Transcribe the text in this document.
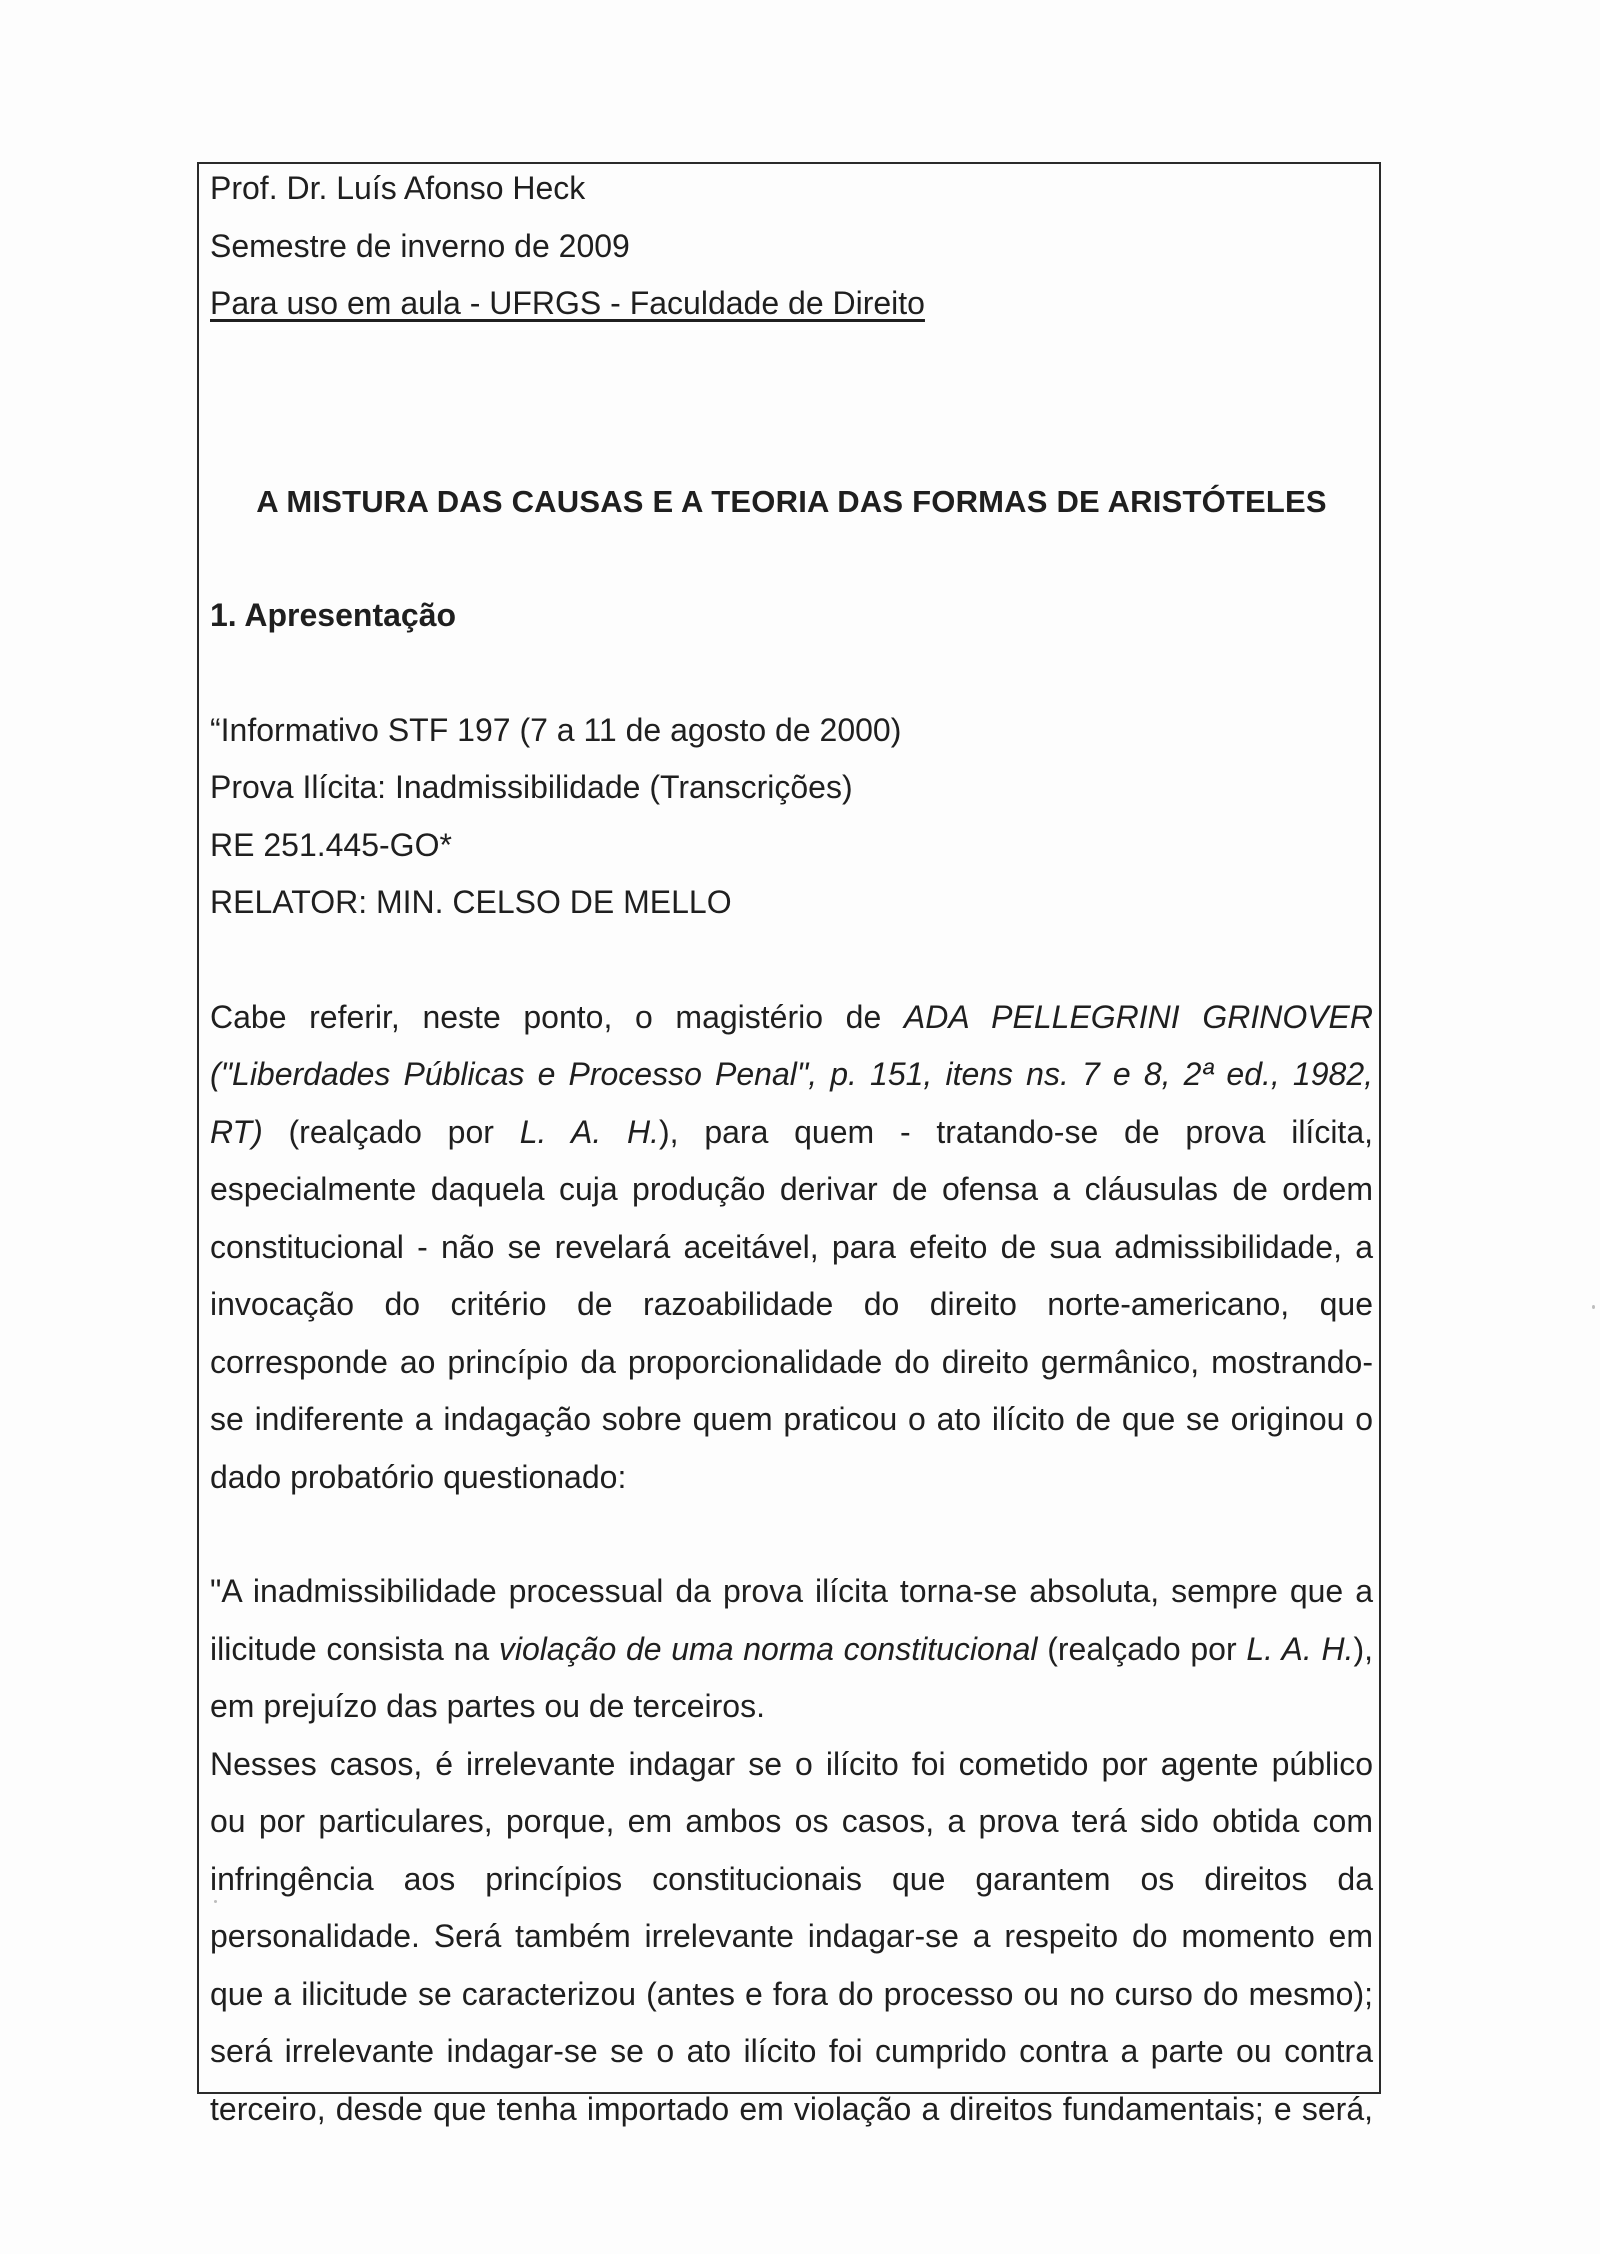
Prof. Dr. Luís Afonso Heck
Semestre de inverno de 2009
Para uso em aula - UFRGS - Faculdade de Direito
A MISTURA DAS CAUSAS E A TEORIA DAS FORMAS DE ARISTÓTELES
1. Apresentação
“Informativo STF 197 (7 a 11 de agosto de 2000)
Prova Ilícita: Inadmissibilidade (Transcrições)
RE 251.445-GO*
RELATOR: MIN. CELSO DE MELLO
Cabe referir, neste ponto, o magistério de ADA PELLEGRINI GRINOVER
("Liberdades Públicas e Processo Penal", p. 151, itens ns. 7 e 8, 2ª ed., 1982,
RT) (realçado por L. A. H.), para quem - tratando-se de prova ilícita,
especialmente daquela cuja produção derivar de ofensa a cláusulas de ordem
constitucional - não se revelará aceitável, para efeito de sua admissibilidade, a
invocação do critério de razoabilidade do direito norte-americano, que
corresponde ao princípio da proporcionalidade do direito germânico, mostrando-
se indiferente a indagação sobre quem praticou o ato ilícito de que se originou o
dado probatório questionado:
"A inadmissibilidade processual da prova ilícita torna-se absoluta, sempre que a
ilicitude consista na violação de uma norma constitucional (realçado por L. A. H.),
em prejuízo das partes ou de terceiros.
Nesses casos, é irrelevante indagar se o ilícito foi cometido por agente público
ou por particulares, porque, em ambos os casos, a prova terá sido obtida com
infringência aos princípios constitucionais que garantem os direitos da
personalidade. Será também irrelevante indagar-se a respeito do momento em
que a ilicitude se caracterizou (antes e fora do processo ou no curso do mesmo);
será irrelevante indagar-se se o ato ilícito foi cumprido contra a parte ou contra
terceiro, desde que tenha importado em violação a direitos fundamentais; e será,
